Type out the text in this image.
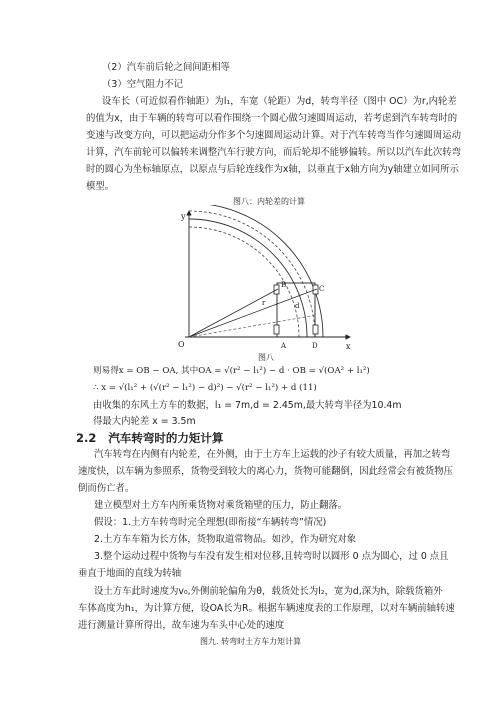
（2）汽车前后轮之间间距相等
（3）空气阻力不记
设车长（可近似看作轴距）为l₁，车宽（轮距）为d，转弯半径（图中 OC）为r,内轮差
的值为x，由于车辆的转弯可以看作围绕一个圆心做匀速圆周运动，若考虑到汽车转弯时的
变速与改变方向，可以把运动分作多个匀速圆周运动计算。对于汽车转弯当作匀速圆周运动
计算，汽车前轮可以偏转来调整汽车行驶方向，而后轮却不能够偏转。所以以汽车此次转弯
时的圆心为坐标轴原点，以原点与后轮连线作为x轴，以垂直于x轴方向为y轴建立如同所示
模型。
图八：内轮差的计算
y
x
O	A
B	C
D
r	d
图八
则易得x = OB − OA, 其中OA = √(r² − l₁²) − d · OB = √(OA² + l₁²)
∴ x = √(l₁² + (√(r² − l₁²) − d)²) − √(r² − l₁²) + d (11)
由收集的东风土方车的数据，l₁ = 7m,d = 2.45m,最大转弯半径为10.4m
得最大内轮差 x = 3.5m
2.2 汽车转弯时的力矩计算
汽车转弯在内侧有内轮差，在外侧，由于土方车上运载的沙子有较大质量，再加之转弯
速度快，以车辆为参照系，货物受到较大的离心力，货物可能翻倒，因此经常会有被货物压
倒而伤亡者。
建立模型对土方车内所乘货物对乘货箱壁的压力，防止翻落。
假设：1.土方车转弯时完全理想(即衔接“车辆转弯”情况)
2.土方车车箱为长方体，货物取道常物品。如沙，作为研究对象
3.整个运动过程中货物与车没有发生相对位移,且转弯时以圆形 0 点为圆心，过 0 点且
垂直于地面的直线为转轴
设土方车此时速度为v₀,外侧前轮偏角为θ，载货处长为l₂，宽为d,深为h，除载货箱外
车体高度为h₁，为计算方便，设OA长为R。根据车辆速度表的工作原理，以对车辆前轴转速
进行测量计算所得出，故车速为车头中心处的速度
图九. 转弯时土方车力矩计算
